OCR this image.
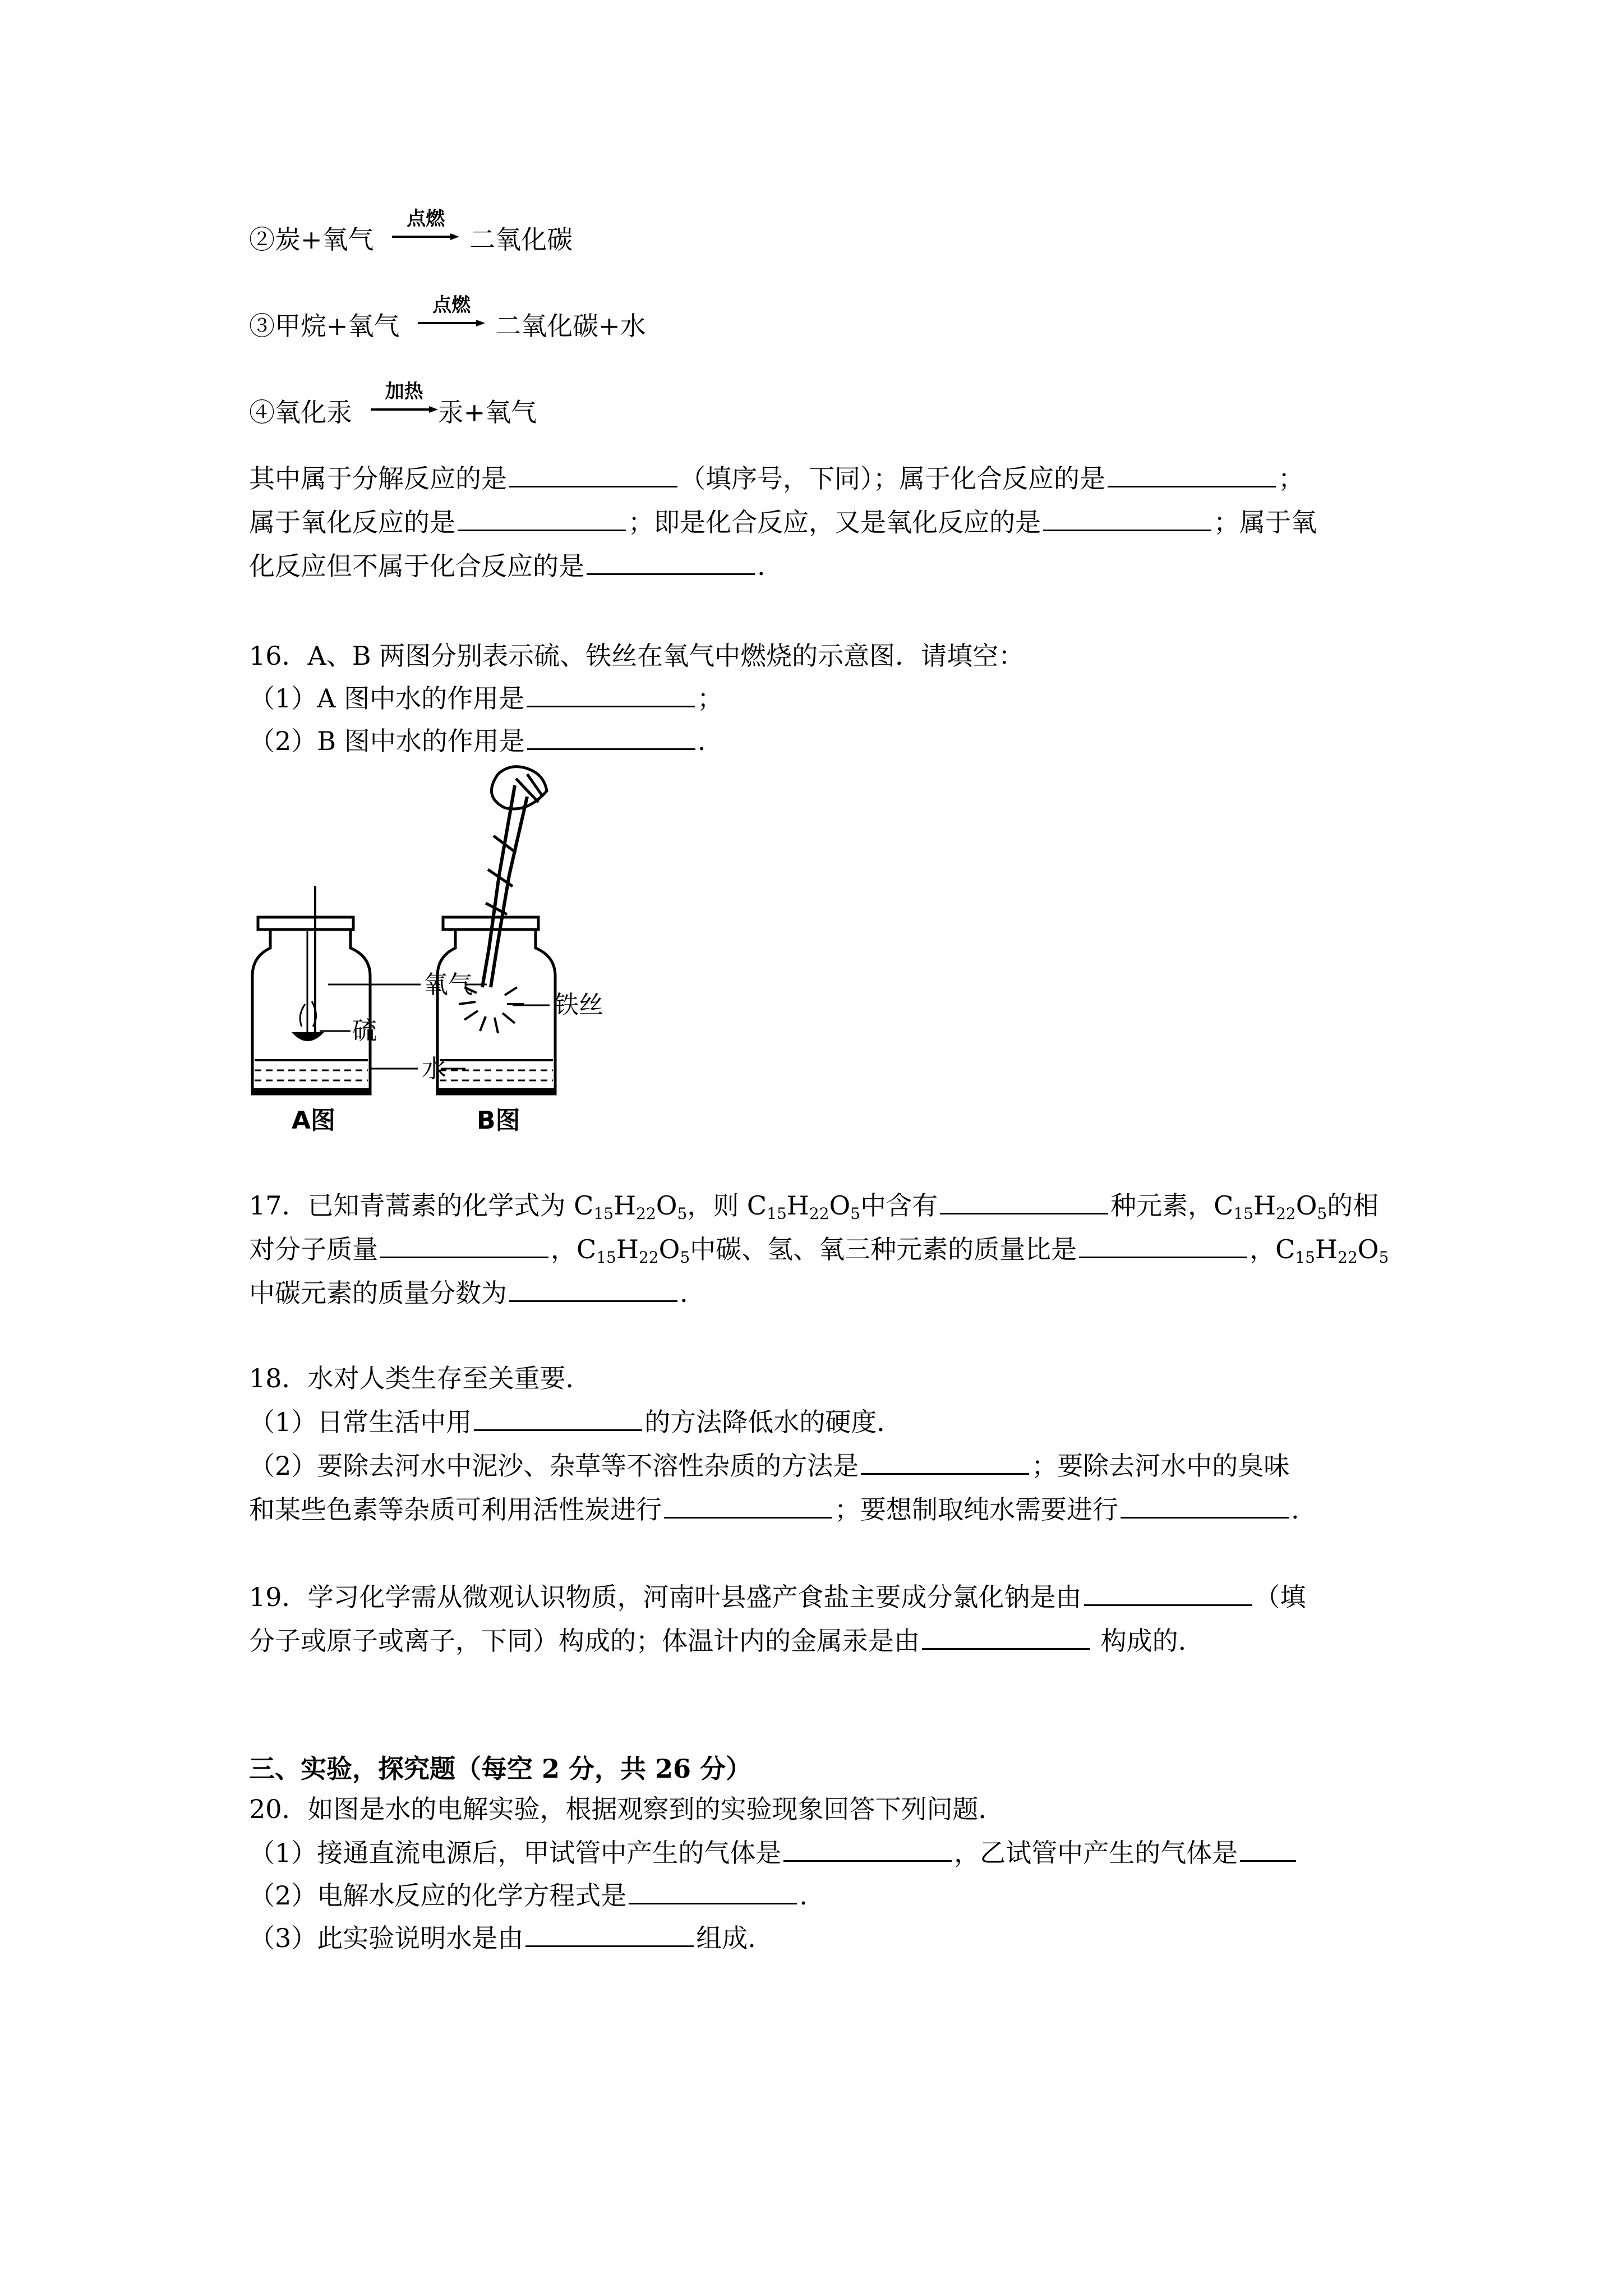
②炭+氧气
点燃
二氧化碳
③甲烷+氧气
点燃
二氧化碳+水
④氧化汞
加热
汞+氧气
其中属于分解反应的是	（填序号，下同）；属于化合反应的是	；
属于氧化反应的是	；即是化合反应，又是氧化反应的是	；属于氧
化反应但不属于化合反应的是	.
16．A、B 两图分别表示硫、铁丝在氧气中燃烧的示意图．请填空：
（1）A 图中水的作用是	；
（2）B 图中水的作用是	.
氧气
硫
水
铁丝
A图	B图
17．已知青蒿素的化学式为 $C_{15}H_{22}O_5$，则 $C_{15}H_{22}O_5$中含有	种元素，$C_{15}H_{22}O_5$的相
对分子质量	，$C_{15}H_{22}O_5$中碳、氢、氧三种元素的质量比是	，$C_{15}H_{22}O_5$
中碳元素的质量分数为	.
18．水对人类生存至关重要．
（1）日常生活中用	的方法降低水的硬度．
（2）要除去河水中泥沙、杂草等不溶性杂质的方法是	；要除去河水中的臭味
和某些色素等杂质可利用活性炭进行	；要想制取纯水需要进行	.
19．学习化学需从微观认识物质，河南叶县盛产食盐主要成分氯化钠是由	（填
分子或原子或离子，下同）构成的；体温计内的金属汞是由	构成的.
三、实验，探究题（每空 2 分，共 26 分）
20．如图是水的电解实验，根据观察到的实验现象回答下列问题．
（1）接通直流电源后，甲试管中产生的气体是	，乙试管中产生的气体是
（2）电解水反应的化学方程式是	.
（3）此实验说明水是由	组成.
